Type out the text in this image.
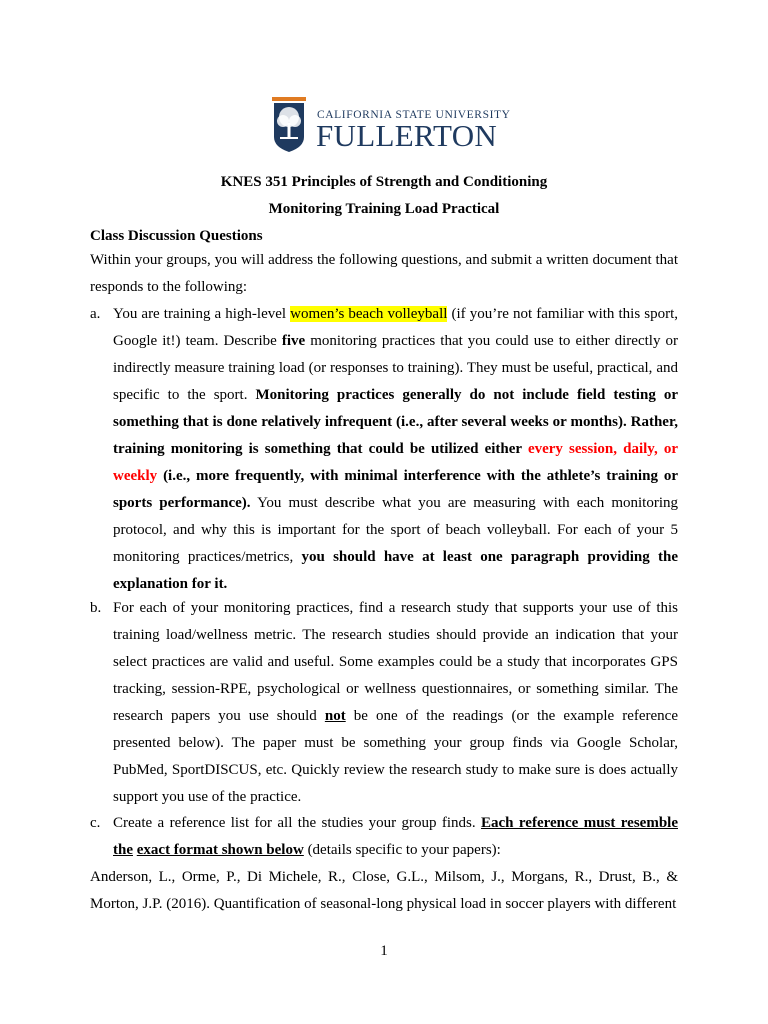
CALIFORNIA STATE UNIVERSITY
FULLERTON
KNES 351 Principles of Strength and Conditioning
Monitoring Training Load Practical
Class Discussion Questions
Within your groups, you will address the following questions, and submit a written document that responds to the following:
a. You are training a high-level women’s beach volleyball (if you’re not familiar with this sport, Google it!) team. Describe five monitoring practices that you could use to either directly or indirectly measure training load (or responses to training). They must be useful, practical, and specific to the sport. Monitoring practices generally do not include field testing or something that is done relatively infrequent (i.e., after several weeks or months). Rather, training monitoring is something that could be utilized either every session, daily, or weekly (i.e., more frequently, with minimal interference with the athlete’s training or sports performance). You must describe what you are measuring with each monitoring protocol, and why this is important for the sport of beach volleyball. For each of your 5 monitoring practices/metrics, you should have at least one paragraph providing the explanation for it.
b. For each of your monitoring practices, find a research study that supports your use of this training load/wellness metric. The research studies should provide an indication that your select practices are valid and useful. Some examples could be a study that incorporates GPS tracking, session-RPE, psychological or wellness questionnaires, or something similar. The research papers you use should not be one of the readings (or the example reference presented below). The paper must be something your group finds via Google Scholar, PubMed, SportDISCUS, etc. Quickly review the research study to make sure is does actually support you use of the practice.
c. Create a reference list for all the studies your group finds. Each reference must resemble the exact format shown below (details specific to your papers):
Anderson, L., Orme, P., Di Michele, R., Close, G.L., Milsom, J., Morgans, R., Drust, B., & Morton, J.P. (2016). Quantification of seasonal-long physical load in soccer players with different
1
